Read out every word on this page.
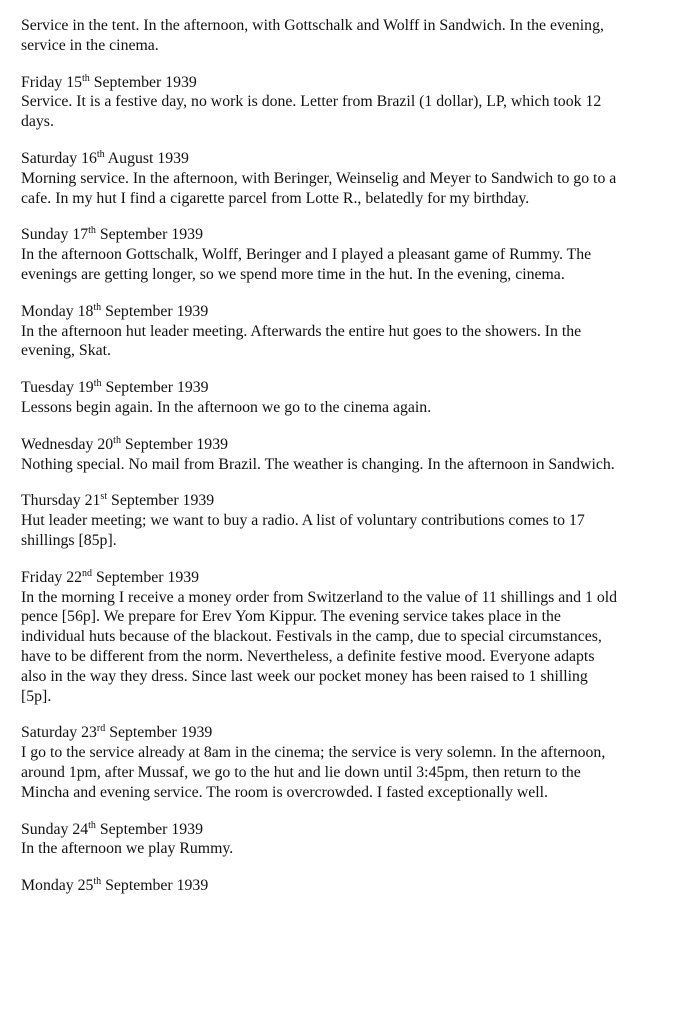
Service in the tent. In the afternoon, with Gottschalk and Wolff in Sandwich. In the evening, service in the cinema.
Friday 15th September 1939
Service. It is a festive day, no work is done. Letter from Brazil (1 dollar), LP, which took 12 days.
Saturday 16th August 1939
Morning service. In the afternoon, with Beringer, Weinselig and Meyer to Sandwich to go to a cafe. In my hut I find a cigarette parcel from Lotte R., belatedly for my birthday.
Sunday 17th September 1939
In the afternoon Gottschalk, Wolff, Beringer and I played a pleasant game of Rummy. The evenings are getting longer, so we spend more time in the hut. In the evening, cinema.
Monday 18th September 1939
In the afternoon hut leader meeting. Afterwards the entire hut goes to the showers. In the evening, Skat.
Tuesday 19th September 1939
Lessons begin again. In the afternoon we go to the cinema again.
Wednesday 20th September 1939
Nothing special. No mail from Brazil. The weather is changing. In the afternoon in Sandwich.
Thursday 21st September 1939
Hut leader meeting; we want to buy a radio. A list of voluntary contributions comes to 17 shillings [85p].
Friday 22nd September 1939
In the morning I receive a money order from Switzerland to the value of 11 shillings and 1 old pence [56p]. We prepare for Erev Yom Kippur. The evening service takes place in the individual huts because of the blackout. Festivals in the camp, due to special circumstances, have to be different from the norm. Nevertheless, a definite festive mood. Everyone adapts also in the way they dress. Since last week our pocket money has been raised to 1 shilling [5p].
Saturday 23rd September 1939
I go to the service already at 8am in the cinema; the service is very solemn. In the afternoon, around 1pm, after Mussaf, we go to the hut and lie down until 3:45pm, then return to the Mincha and evening service. The room is overcrowded. I fasted exceptionally well.
Sunday 24th September 1939
In the afternoon we play Rummy.
Monday 25th September 1939
